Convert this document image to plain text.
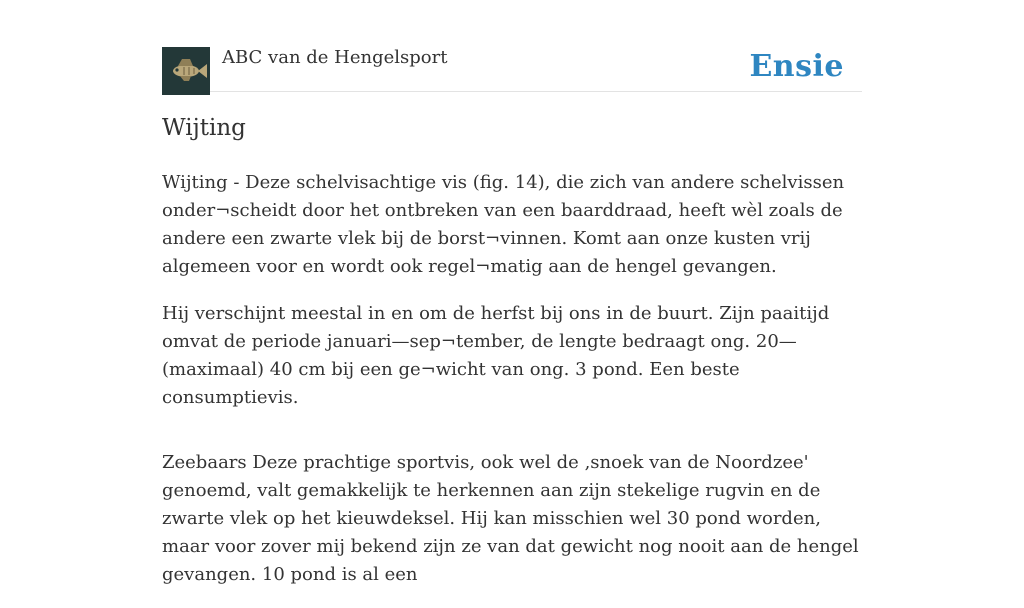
ABC van de Hengelsport	Ensie
Wijting

Wijting - Deze schelvisachtige vis (fig. 14), die zich van andere schelvissen onder¬scheidt door het ontbreken van een baarddraad, heeft wèl zoals de andere een zwarte vlek bij de borst¬vinnen. Komt aan onze kusten vrij algemeen voor en wordt ook regel¬matig aan de hengel gevangen.

Hij verschijnt meestal in en om de herfst bij ons in de buurt. Zijn paaitijd omvat de periode januari—sep¬tember, de lengte bedraagt ong. 20— (maximaal) 40 cm bij een ge¬wicht van ong. 3 pond. Een beste consumptievis.

Zeebaars Deze prachtige sportvis, ook wel de ‚snoek van de Noordzee' genoemd, valt gemakkelijk te herkennen aan zijn stekelige rugvin en de zwarte vlek op het kieuwdeksel. Hij kan misschien wel 30 pond worden, maar voor zover mij bekend zijn ze van dat gewicht nog nooit aan de hengel gevangen. 10 pond is al een
